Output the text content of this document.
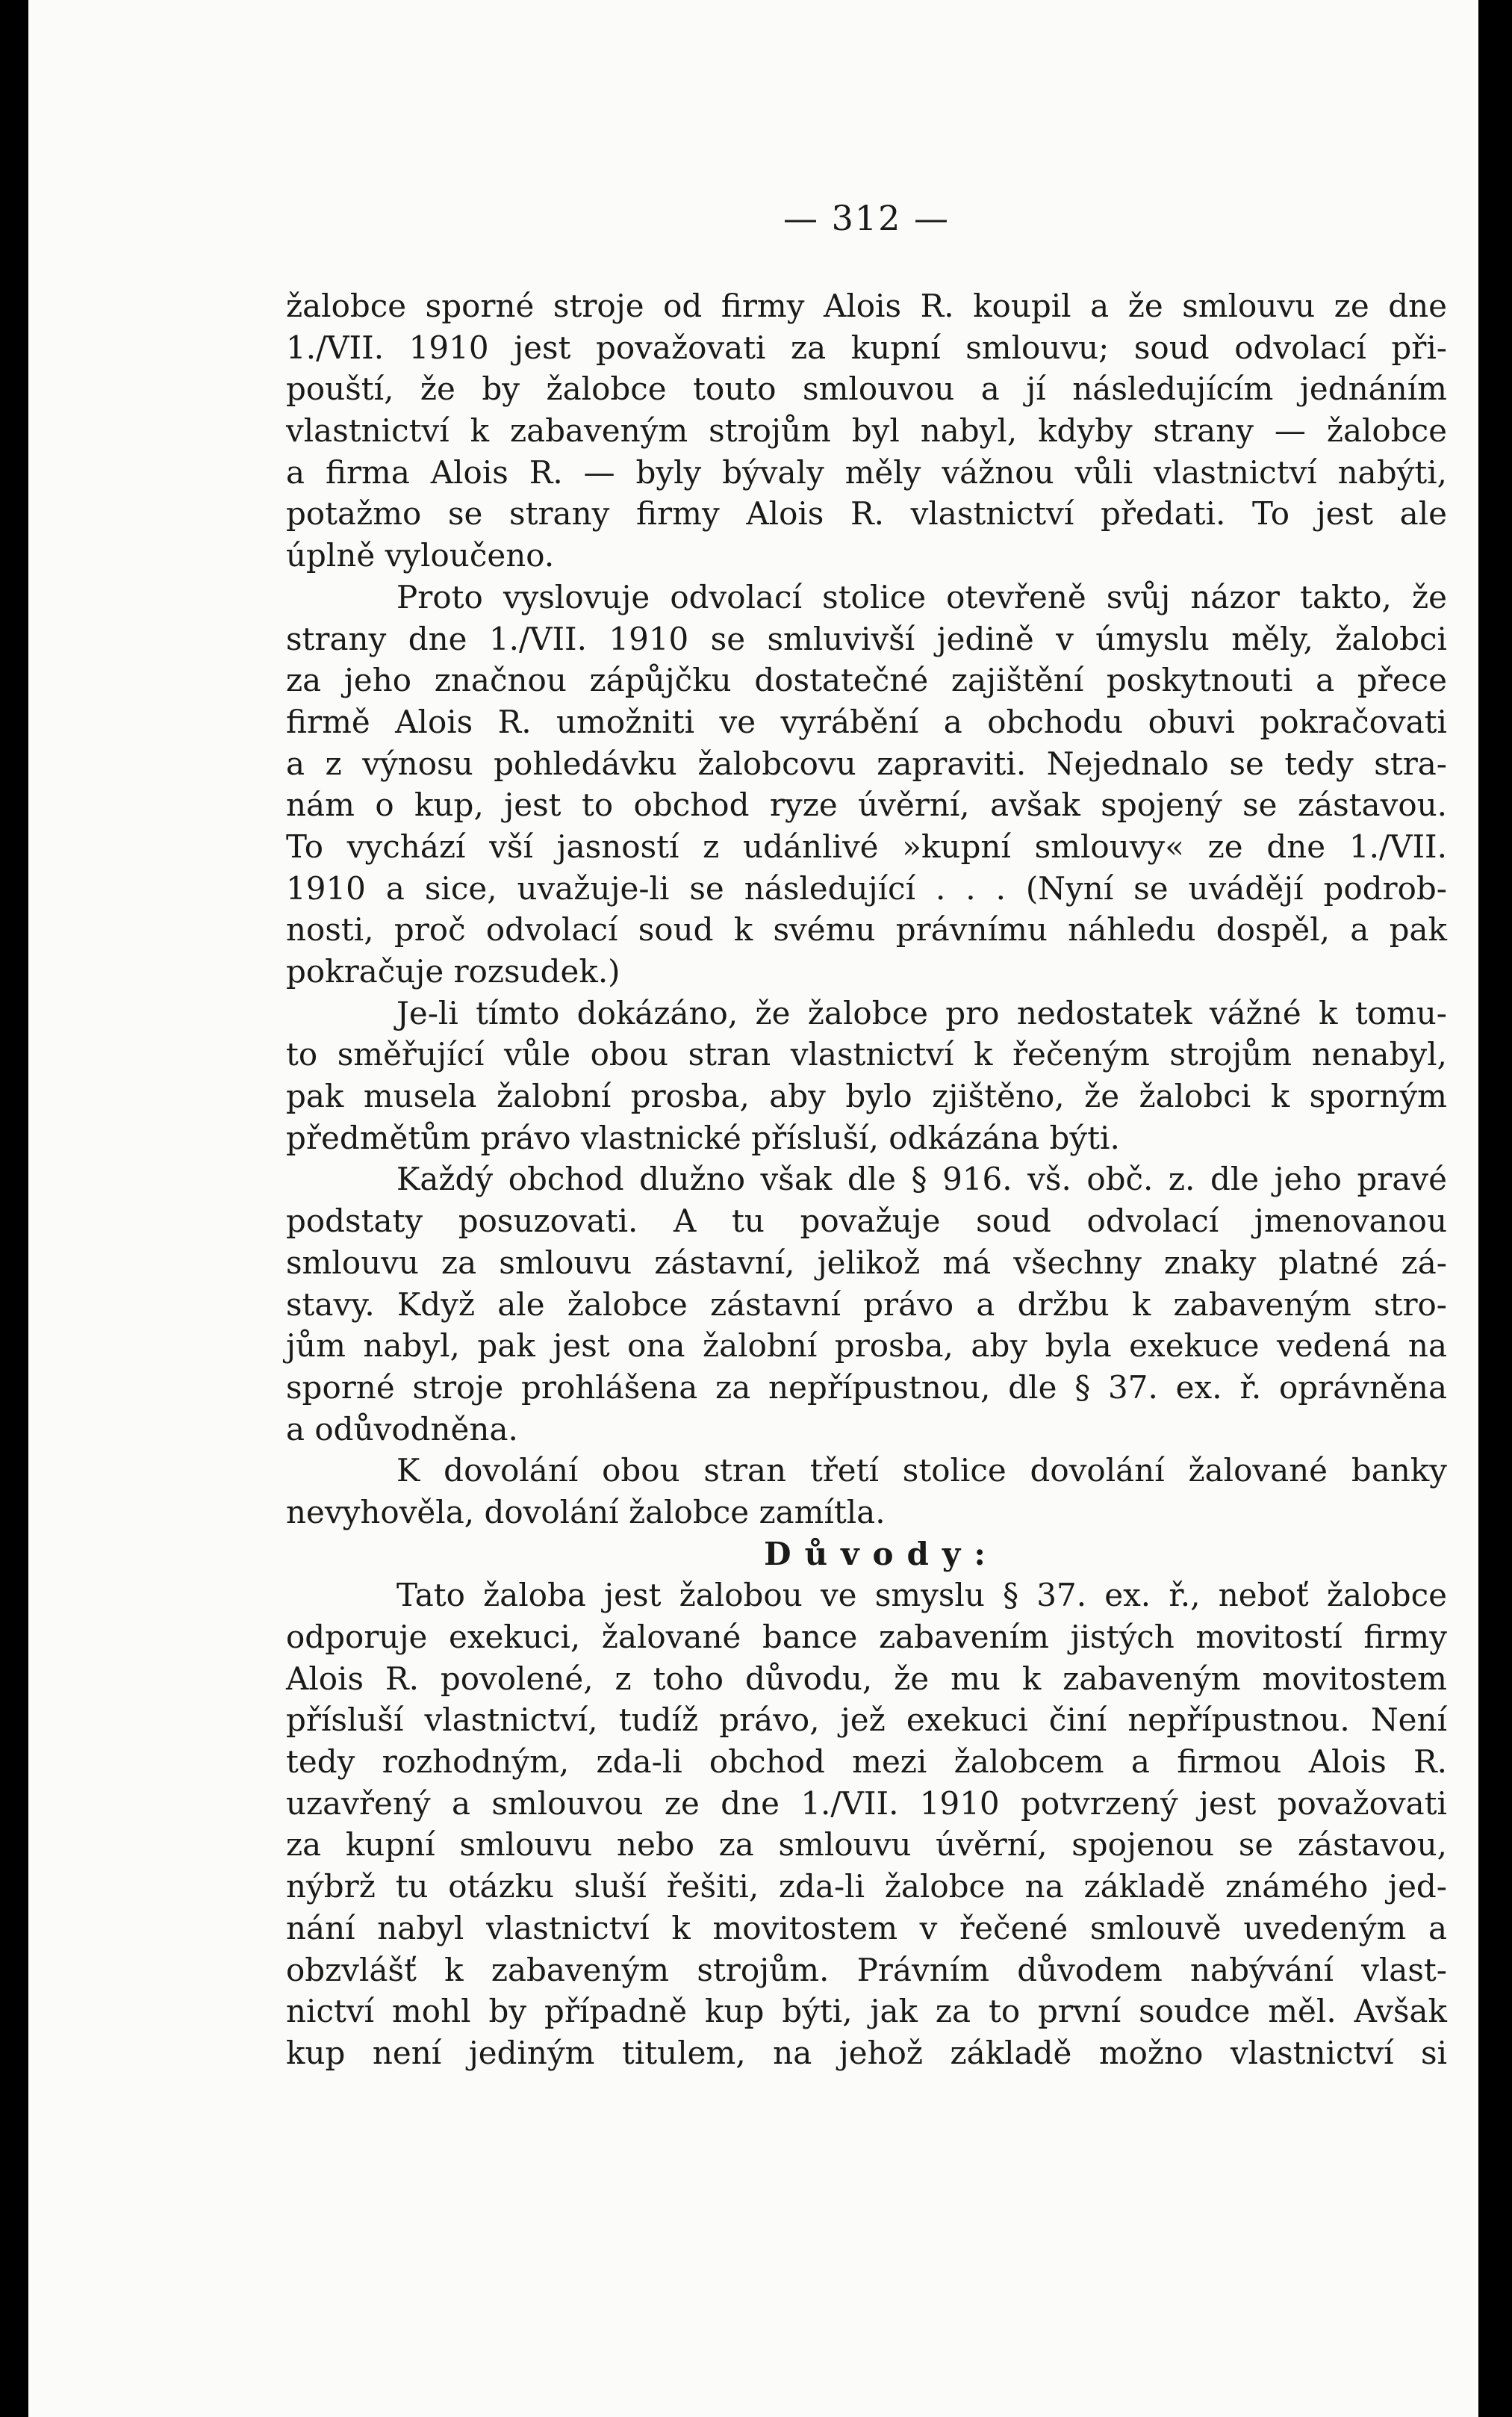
— 312 —
žalobce sporné stroje od firmy Alois R. koupil a že smlouvu ze dne
1./VII. 1910 jest považovati za kupní smlouvu; soud odvolací při-
pouští, že by žalobce touto smlouvou a jí následujícím jednáním
vlastnictví k zabaveným strojům byl nabyl, kdyby strany — žalobce
a firma Alois R. — byly bývaly měly vážnou vůli vlastnictví nabýti,
potažmo se strany firmy Alois R. vlastnictví předati. To jest ale
úplně vyloučeno.
Proto vyslovuje odvolací stolice otevřeně svůj názor takto, že
strany dne 1./VII. 1910 se smluvivší jedině v úmyslu měly, žalobci
za jeho značnou zápůjčku dostatečné zajištění poskytnouti a přece
firmě Alois R. umožniti ve vyrábění a obchodu obuvi pokračovati
a z výnosu pohledávku žalobcovu zapraviti. Nejednalo se tedy stra-
nám o kup, jest to obchod ryze úvěrní, avšak spojený se zástavou.
To vychází vší jasností z udánlivé »kupní smlouvy« ze dne 1./VII.
1910 a sice, uvažuje-li se následující . . . (Nyní se uvádějí podrob-
nosti, proč odvolací soud k svému právnímu náhledu dospěl, a pak
pokračuje rozsudek.)
Je-li tímto dokázáno, že žalobce pro nedostatek vážné k tomu-
to směřující vůle obou stran vlastnictví k řečeným strojům nenabyl,
pak musela žalobní prosba, aby bylo zjištěno, že žalobci k sporným
předmětům právo vlastnické přísluší, odkázána býti.
Každý obchod dlužno však dle § 916. vš. obč. z. dle jeho pravé
podstaty posuzovati. A tu považuje soud odvolací jmenovanou
smlouvu za smlouvu zástavní, jelikož má všechny znaky platné zá-
stavy. Když ale žalobce zástavní právo a držbu k zabaveným stro-
jům nabyl, pak jest ona žalobní prosba, aby byla exekuce vedená na
sporné stroje prohlášena za nepřípustnou, dle § 37. ex. ř. oprávněna
a odůvodněna.
K dovolání obou stran třetí stolice dovolání žalované banky
nevyhověla, dovolání žalobce zamítla.
Důvody:
Tato žaloba jest žalobou ve smyslu § 37. ex. ř., neboť žalobce
odporuje exekuci, žalované bance zabavením jistých movitostí firmy
Alois R. povolené, z toho důvodu, že mu k zabaveným movitostem
přísluší vlastnictví, tudíž právo, jež exekuci činí nepřípustnou. Není
tedy rozhodným, zda-li obchod mezi žalobcem a firmou Alois R.
uzavřený a smlouvou ze dne 1./VII. 1910 potvrzený jest považovati
za kupní smlouvu nebo za smlouvu úvěrní, spojenou se zástavou,
nýbrž tu otázku sluší řešiti, zda-li žalobce na základě známého jed-
nání nabyl vlastnictví k movitostem v řečené smlouvě uvedeným a
obzvlášť k zabaveným strojům. Právním důvodem nabývání vlast-
nictví mohl by případně kup býti, jak za to první soudce měl. Avšak
kup není jediným titulem, na jehož základě možno vlastnictví si
